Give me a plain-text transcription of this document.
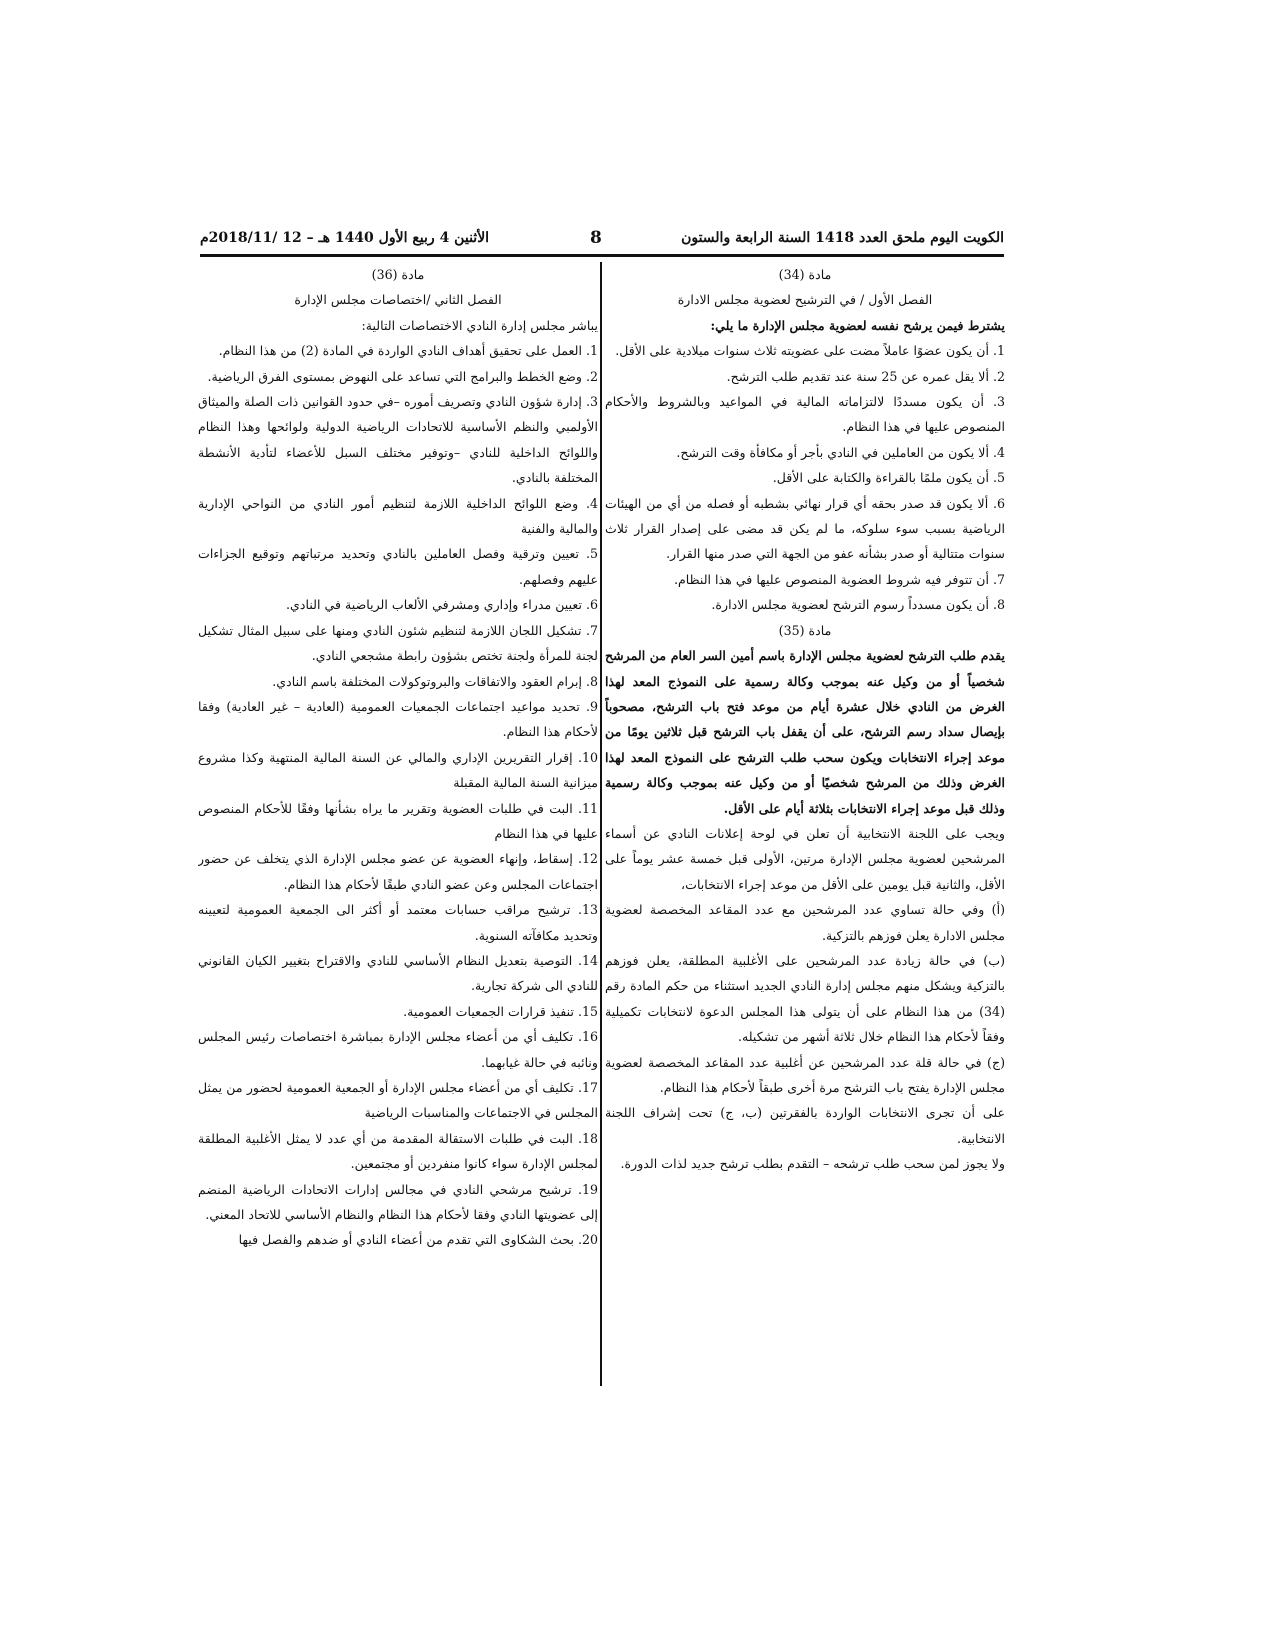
الكويت اليوم ملحق العدد 1418 السنة الرابعة والستون
8
الأثنين 4 ربيع الأول 1440 هـ – 12 /2018/11م

مادة (34)

الفصل الأول / في الترشيح لعضوية مجلس الادارة

يشترط فيمن يرشح نفسه لعضوية مجلس الإدارة ما يلي:

1. أن يكون عضوًا عاملاً مضت على عضويته ثلاث سنوات ميلادية على الأقل.

2. ألا يقل عمره عن 25 سنة عند تقديم طلب الترشح.

3. أن يكون مسددًا لالتزاماته المالية في المواعيد وبالشروط والأحكام المنصوص عليها في هذا النظام.

4. ألا يكون من العاملين في النادي بأجر أو مكافأة وقت الترشح.

5. أن يكون ملمًا بالقراءة والكتابة على الأقل.

6. ألا يكون قد صدر بحقه أي قرار نهائي بشطبه أو فصله من أي من الهيئات الرياضية بسبب سوء سلوكه، ما لم يكن قد مضى على إصدار القرار ثلاث سنوات متتالية أو صدر بشأنه عفو من الجهة التي صدر منها القرار.

7. أن تتوفر فيه شروط العضوية المنصوص عليها في هذا النظام.

8. أن يكون مسدداً رسوم الترشح لعضوية مجلس الادارة.

مادة (35)

يقدم طلب الترشح لعضوية مجلس الإدارة باسم أمين السر العام من المرشح شخصياً أو من وكيل عنه بموجب وكالة رسمية على النموذج المعد لهذا الغرض من النادي خلال عشرة أيام من موعد فتح باب الترشح، مصحوباً بإيصال سداد رسم الترشح، على أن يقفل باب الترشح قبل ثلاثين يومًا من موعد إجراء الانتخابات ويكون سحب طلب الترشح على النموذج المعد لهذا الغرض وذلك من المرشح شخصيًا أو من وكيل عنه بموجب وكالة رسمية وذلك قبل موعد إجراء الانتخابات بثلاثة أيام على الأقل.

ويجب على اللجنة الانتخابية أن تعلن في لوحة إعلانات النادي عن أسماء المرشحين لعضوية مجلس الإدارة مرتين، الأولى قبل خمسة عشر يوماً على الأقل، والثانية قبل يومين على الأقل من موعد إجراء الانتخابات،

(أ) وفي حالة تساوي عدد المرشحين مع عدد المقاعد المخصصة لعضوية مجلس الادارة يعلن فوزهم بالتزكية.

(ب) في حالة زيادة عدد المرشحين على الأغلبية المطلقة، يعلن فوزهم بالتزكية ويشكل منهم مجلس إدارة النادي الجديد استثناء من حكم المادة رقم (34) من هذا النظام على أن يتولى هذا المجلس الدعوة لانتخابات تكميلية وفقاً لأحكام هذا النظام خلال ثلاثة أشهر من تشكيله.

(ج) في حالة قلة عدد المرشحين عن أغلبية عدد المقاعد المخصصة لعضوية مجلس الإدارة يفتح باب الترشح مرة أخرى طبقاً لأحكام هذا النظام.

على أن تجرى الانتخابات الواردة بالفقرتين (ب، ج) تحت إشراف اللجنة الانتخابية.

ولا يجوز لمن سحب طلب ترشحه – التقدم بطلب ترشح جديد لذات الدورة.

مادة (36)

الفصل الثاني /اختصاصات مجلس الإدارة

يباشر مجلس إدارة النادي الاختصاصات التالية:

1. العمل على تحقيق أهداف النادي الواردة في المادة (2) من هذا النظام.

2. وضع الخطط والبرامج التي تساعد على النهوض بمستوى الفرق الرياضية.

3. إدارة شؤون النادي وتصريف أموره –في حدود القوانين ذات الصلة والميثاق الأولمبي والنظم الأساسية للاتحادات الرياضية الدولية ولوائحها وهذا النظام واللوائح الداخلية للنادي –وتوفير مختلف السبل للأعضاء لتأدية الأنشطة المختلفة بالنادي.

4. وضع اللوائح الداخلية اللازمة لتنظيم أمور النادي من النواحي الإدارية والمالية والفنية

5. تعيين وترقية وفصل العاملين بالنادي وتحديد مرتباتهم وتوقيع الجزاءات عليهم وفصلهم.

6. تعيين مدراء وإداري ومشرفي الألعاب الرياضية في النادي.

7. تشكيل اللجان اللازمة لتنظيم شئون النادي ومنها على سبيل المثال تشكيل لجنة للمرأة ولجنة تختص بشؤون رابطة مشجعي النادي.

8. إبرام العقود والاتفاقات والبروتوكولات المختلفة باسم النادي.

9. تحديد مواعيد اجتماعات الجمعيات العمومية (العادية – غير العادية) وفقا لأحكام هذا النظام.

10. إقرار التقريرين الإداري والمالي عن السنة المالية المنتهية وكذا مشروع ميزانية السنة المالية المقبلة

11. البت في طلبات العضوية وتقرير ما يراه بشأنها وفقًا للأحكام المنصوص عليها في هذا النظام

12. إسقاط، وإنهاء العضوية عن عضو مجلس الإدارة الذي يتخلف عن حضور اجتماعات المجلس وعن عضو النادي طبقًا لأحكام هذا النظام.

13. ترشيح مراقب حسابات معتمد أو أكثر الى الجمعية العمومية لتعيينه وتحديد مكافآته السنوية.

14. التوصية بتعديل النظام الأساسي للنادي والاقتراح بتغيير الكيان القانوني للنادي الى شركة تجارية.

15. تنفيذ قرارات الجمعيات العمومية.

16. تكليف أي من أعضاء مجلس الإدارة بمباشرة اختصاصات رئيس المجلس ونائبه في حالة غيابهما.

17. تكليف أي من أعضاء مجلس الإدارة أو الجمعية العمومية لحضور من يمثل المجلس في الاجتماعات والمناسبات الرياضية

18. البت في طلبات الاستقالة المقدمة من أي عدد لا يمثل الأغلبية المطلقة لمجلس الإدارة سواء كانوا منفردين أو مجتمعين.

19. ترشيح مرشحي النادي في مجالس إدارات الاتحادات الرياضية المنضم إلى عضويتها النادي وفقا لأحكام هذا النظام والنظام الأساسي للاتحاد المعني.

20. بحث الشكاوى التي تقدم من أعضاء النادي أو ضدهم والفصل فيها
